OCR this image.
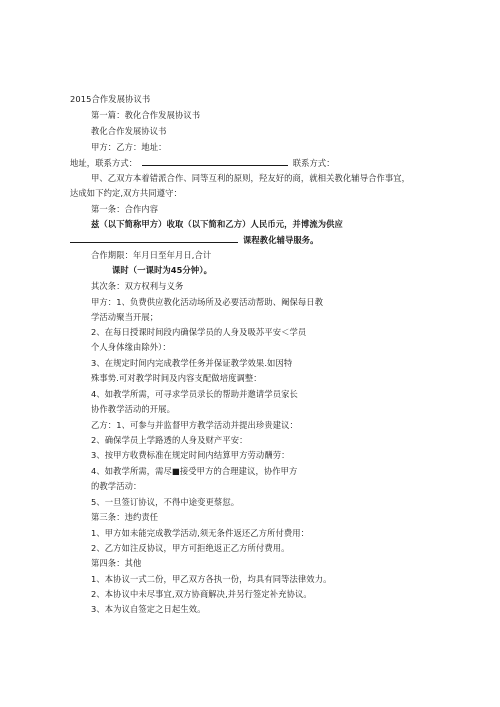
2015合作发展协议书
第一篇：教化合作发展协议书
教化合作发展协议书
甲方：乙方：地址：
地址，联系方式：	联系方式：
甲、乙双方本着错派合作、同等互利的原则，羟友好的商，就相关教化辅导合作事宜，
达成如下约定,双方共同遵守：
第一条：合作内容
兹（以下简称甲方）收取（以下简和乙方）人民币元，并博流为供应
课程教化辅导服务。
合作期限：年月日至年月日,合计
课时（一课时为45分钟）。
其次条：双方权利与义务
甲方：1、负费供应教化活动场所及必要活动帮助、阉保每日教
学活动聚当开展；
2、在每日授课时间段内确保学员的人身及吸苏平安＜学员
个人身体缘由除外）：
3、在规定时间内完成教学任务并保证教学效果.如因特
殊事势.可对教学时间及内容支配做培度调整：
4、如教学所需，可寻求学员录长的帮助并邀请学员家长
协作教学活动的开展。
乙方：1、可参与并监督甲方教学活动并提出珍贵建议：
2、确保学员上学路透的人身及财产平安：
3、按甲方收费标准在规定时间内结算甲方劳动酬劳：
4、如教学所需，需尽■接受甲方的合理建议，协作甲方
的教学活动：
5、一旦签订协议，不得中途变更蔡愆。
第三条：违约责任
1、甲方如未能完成教学活动,须无条件返还乙方所付费用：
2、乙方如注反协议，甲方可拒绝返正乙方所付费用。
第四条：其他
1、本协议一式二份，甲乙双方各执一份，均具有同等法律效力。
2、本协议中未尽事宜,双方协商解决,并另行签定补充协议。
3、本为议自签定之日起生效。
